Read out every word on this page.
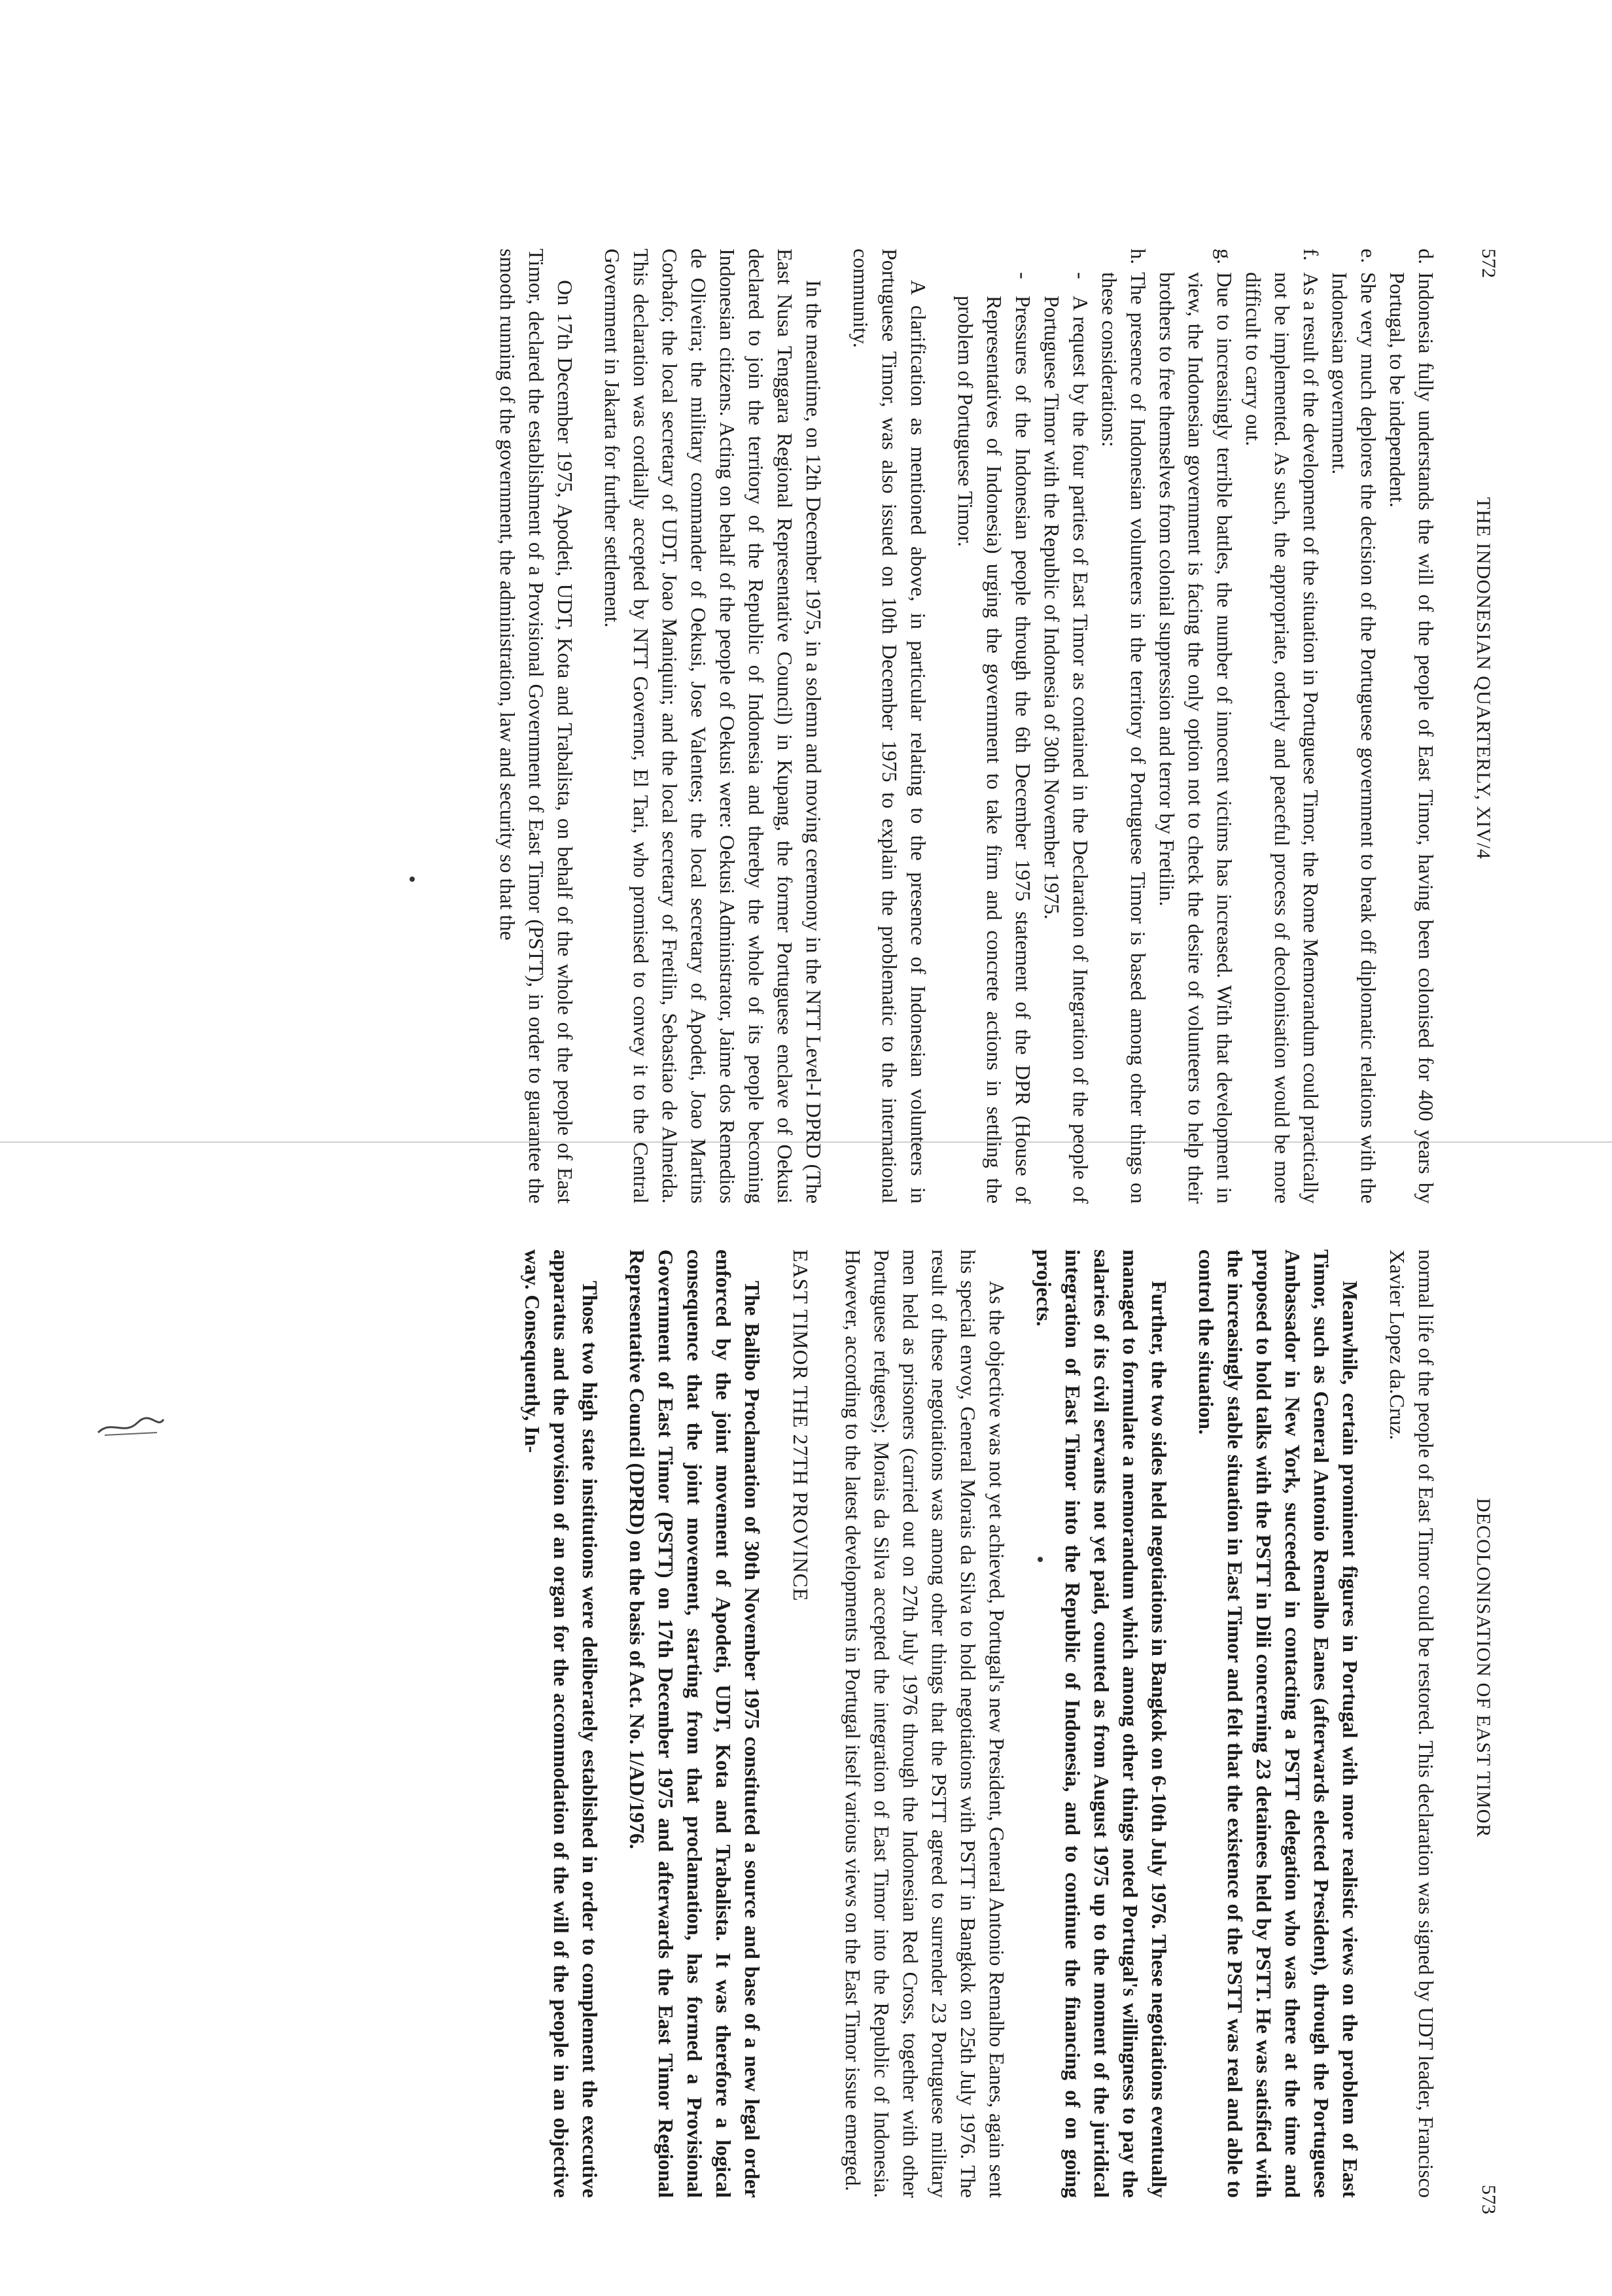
572
THE INDONESIAN QUARTERLY, XIV/4
d.
Indonesia fully understands the will of the people of East Timor, having been colonised for 400 years by Portugal, to be independent.
e.
She very much deplores the decision of the Portuguese government to break off diplomatic relations with the Indonesian government.
f.
As a result of the development of the situation in Portuguese Timor, the Rome Memorandum could practically not be implemented. As such, the appropriate, orderly and peaceful process of decolonisation would be more difficult to carry out.
g.
Due to increasingly terrible battles, the number of innocent victims has increased. With that development in view, the Indonesian government is facing the only option not to check the desire of volunteers to help their brothers to free themselves from colonial suppression and terror by Fretilin.
h.
The presence of Indonesian volunteers in the territory of Portuguese Timor is based among other things on these considerations:
-
A request by the four parties of East Timor as contained in the Declaration of Integration of the people of Portuguese Timor with the Republic of Indonesia of 30th November 1975.
-
Pressures of the Indonesian people through the 6th December 1975 statement of the DPR (House of Representatives of Indonesia) urging the government to take firm and concrete actions in settling the problem of Portuguese Timor.

A clarification as mentioned above, in particular relating to the presence of Indonesian volunteers in Portuguese Timor, was also issued on 10th December 1975 to explain the problematic to the international community.

In the meantime, on 12th December 1975, in a solemn and moving ceremony in the NTT Level-I DPRD (The East Nusa Tenggara Regional Representative Council) in Kupang, the former Portuguese enclave of Oekusi declared to join the territory of the Republic of Indonesia and thereby the whole of its people becoming Indonesian citizens. Acting on behalf of the people of Oekusi were: Oekusi Administrator, Jaime dos Remedios de Oliveira; the military commander of Oekusi, Jose Valentes; the local secretary of Apodeti, Joao Martins Corbafo; the local secretary of UDT, Joao Maniquin; and the local secretary of Fretilin, Sebastiao de Almeida. This declaration was cordially accepted by NTT Governor, El Tari, who promised to convey it to the Central Government in Jakarta for further settlement.

On 17th December 1975, Apodeti, UDT, Kota and Trabalista, on behalf of the whole of the people of East Timor, declared the establishment of a Provisional Government of East Timor (PSTT), in order to guarantee the smooth running of the government, the administration, law and security so that the

DECOLONISATION OF EAST TIMOR
573

normal life of the people of East Timor could be restored. This declaration was signed by UDT leader, Francisco Xavier Lopez da.Cruz.

Meanwhile, certain prominent figures in Portugal with more realistic views on the problem of East Timor, such as General Antonio Remalho Eanes (afterwards elected President), through the Portuguese Ambassador in New York, succeeded in contacting a PSTT delegation who was there at the time and proposed to hold talks with the PSTT in Dili concerning 23 detainees held by PSTT. He was satisfied with the increasingly stable situation in East Timor and felt that the existence of the PSTT was real and able to control the situation.

Further, the two sides held negotiations in Bangkok on 6-10th July 1976. These negotiations eventually managed to formulate a memorandum which among other things noted Portugal's willingness to pay the salaries of its civil servants not yet paid, counted as from August 1975 up to the moment of the juridical integration of East Timor into the Republic of Indonesia, and to continue the financing of on going projects.

As the objective was not yet achieved, Portugal's new President, General Antonio Remalho Eanes, again sent his special envoy, General Morais da Silva to hold negotiations with PSTT in Bangkok on 25th July 1976. The result of these negotiations was among other things that the PSTT agreed to surrender 23 Portuguese military men held as prisoners (carried out on 27th July 1976 through the Indonesian Red Cross, together with other Portuguese refugees); Morais da Silva accepted the integration of East Timor into the Republic of Indonesia. However, according to the latest developments in Portugal itself various views on the East Timor issue emerged.

EAST TIMOR THE 27TH PROVINCE

The Balibo Proclamation of 30th November 1975 constituted a source and base of a new legal order enforced by the joint movement of Apodeti, UDT, Kota and Trabalista. It was therefore a logical consequence that the joint movement, starting from that proclamation, has formed a Provisional Government of East Timor (PSTT) on 17th December 1975 and afterwards the East Timor Regional Representative Council (DPRD) on the basis of Act. No. 1/AD/1976.

Those two high state institutions were deliberately established in order to complement the executive apparatus and the provision of an organ for the accommodation of the will of the people in an objective way. Consequently, In-
